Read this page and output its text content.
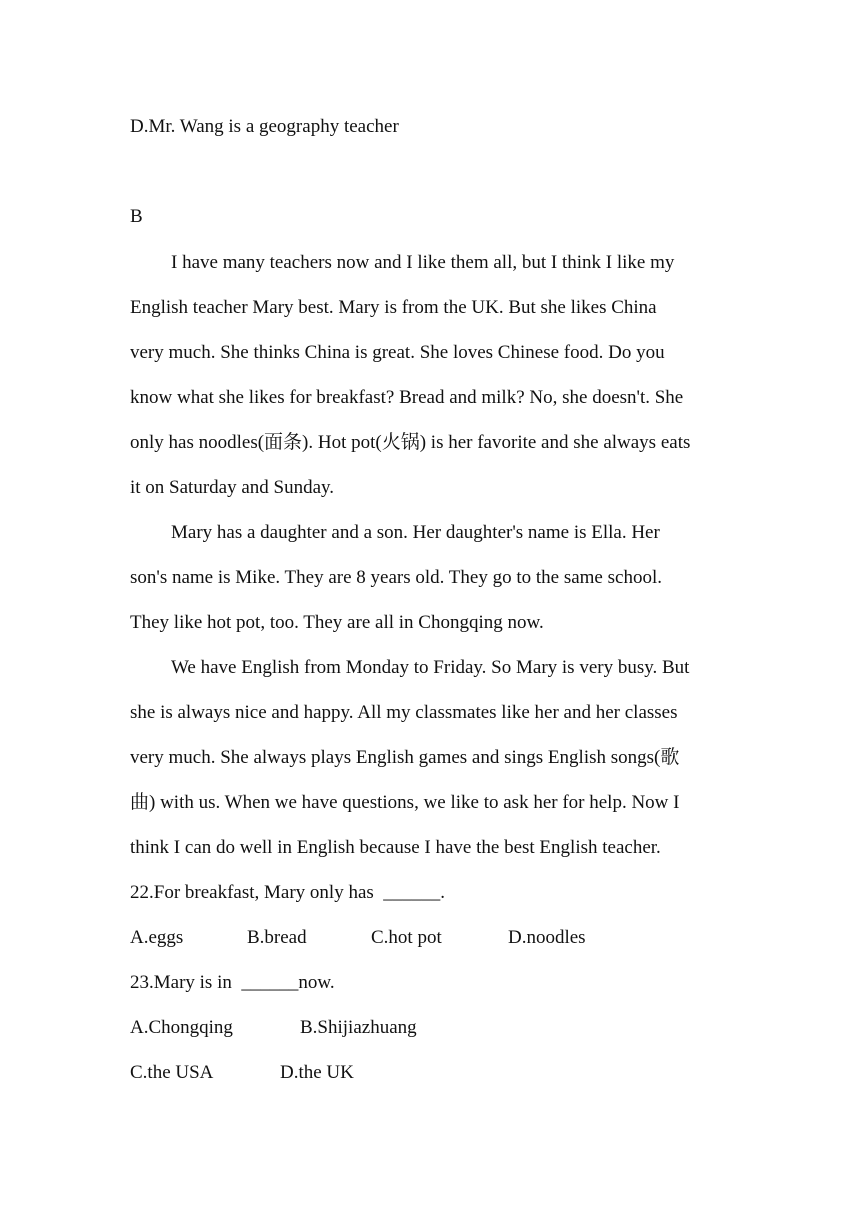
D.Mr. Wang is a geography teacher
B
I have many teachers now and I like them all, but I think I like my
English teacher Mary best. Mary is from the UK. But she likes China
very much. She thinks China is great. She loves Chinese food. Do you
know what she likes for breakfast? Bread and milk? No, she doesn't. She
only has noodles(面条). Hot pot(火锅) is her favorite and she always eats
it on Saturday and Sunday.
Mary has a daughter and a son. Her daughter's name is Ella. Her
son's name is Mike. They are 8 years old. They go to the same school.
They like hot pot, too. They are all in Chongqing now.
We have English from Monday to Friday. So Mary is very busy. But
she is always nice and happy. All my classmates like her and her classes
very much. She always plays English games and sings English songs(歌
曲) with us. When we have questions, we like to ask her for help. Now I
think I can do well in English because I have the best English teacher.
22.For breakfast, Mary only has  ______.
A.eggs	B.bread	C.hot pot	D.noodles
23.Mary is in  ______now.
A.Chongqing	B.Shijiazhuang
C.the USA	D.the UK
